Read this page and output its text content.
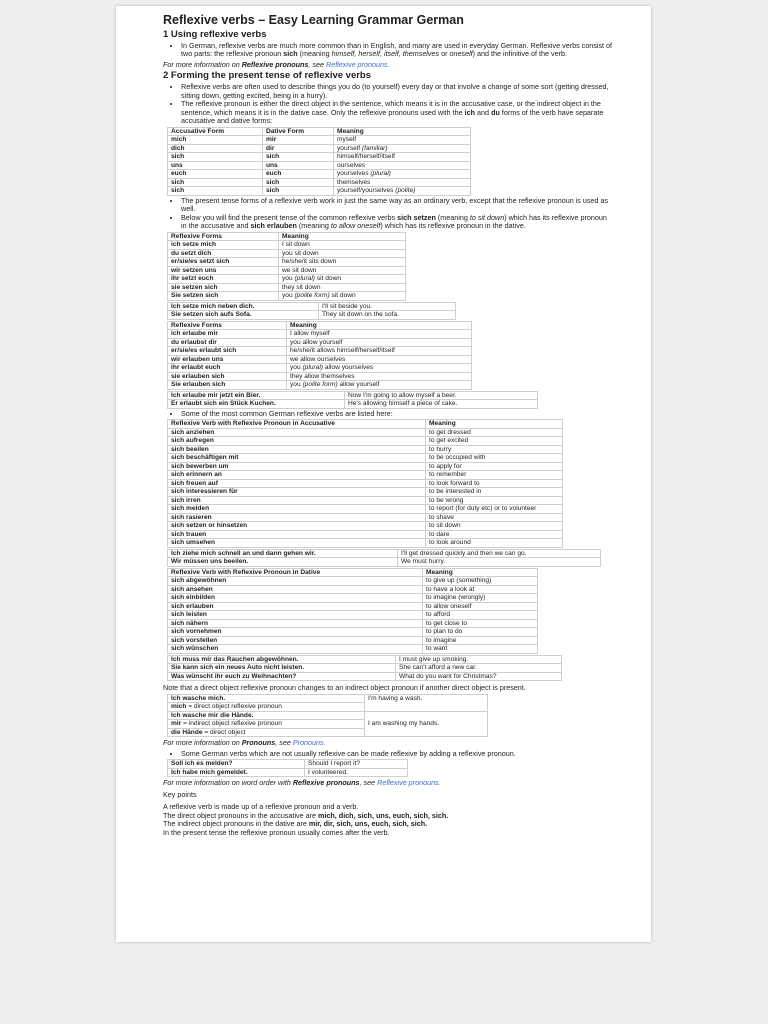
Reflexive verbs – Easy Learning Grammar German
1 Using reflexive verbs
• In German, reflexive verbs are much more common than in English, and many are used in everyday German. Reflexive verbs consist of two parts: the reflexive pronoun sich (meaning himself, herself, itself, themselves or oneself) and the infinitive of the verb.

For more information on Reflexive pronouns, see Reflexive pronouns.

2 Forming the present tense of reflexive verbs
• Reflexive verbs are often used to describe things you do (to yourself) every day or that involve a change of some sort (getting dressed, sitting down, getting excited, being in a hurry).
• The reflexive pronoun is either the direct object in the sentence, which means it is in the accusative case, or the indirect object in the sentence, which means it is in the dative case. Only the reflexive pronouns used with the ich and du forms of the verb have separate accusative and dative forms:
Accusative Form	Dative Form	Meaning
mich	mir	myself
dich	dir	yourself (familiar)
sich	sich	himself/herself/itself
uns	uns	ourselves
euch	euch	yourselves (plural)
sich	sich	themselves
sich	sich	yourself/yourselves (polite)
• The present tense forms of a reflexive verb work in just the same way as an ordinary verb, except that the reflexive pronoun is used as well.
• Below you will find the present tense of the common reflexive verbs sich setzen (meaning to sit down) which has its reflexive pronoun in the accusative and sich erlauben (meaning to allow oneself) which has its reflexive pronoun in the dative.
Reflexive Forms	Meaning
ich setze mich	I sit down
du setzt dich	you sit down
er/sie/es setzt sich	he/she/it sits down
wir setzen uns	we sit down
ihr setzt euch	you (plural) sit down
sie setzen sich	they sit down
Sie setzen sich	you (polite form) sit down
Ich setze mich neben dich.	I'll sit beside you.
Sie setzen sich aufs Sofa.	They sit down on the sofa.
Reflexive Forms	Meaning
ich erlaube mir	I allow myself
du erlaubst dir	you allow yourself
er/sie/es erlaubt sich	he/she/it allows himself/herself/itself
wir erlauben uns	we allow ourselves
ihr erlaubt euch	you (plural) allow yourselves
sie erlauben sich	they allow themselves
Sie erlauben sich	you (polite form) allow yourself
Ich erlaube mir jetzt ein Bier.	Now I'm going to allow myself a beer.
Er erlaubt sich ein Stück Kuchen.	He's allowing himself a piece of cake.
• Some of the most common German reflexive verbs are listed here:
Reflexive Verb with Reflexive Pronoun in Accusative	Meaning
sich anziehen	to get dressed
sich aufregen	to get excited
sich beeilen	to hurry
sich beschäftigen mit	to be occupied with
sich bewerben um	to apply for
sich erinnern an	to remember
sich freuen auf	to look forward to
sich interessieren für	to be interested in
sich irren	to be wrong
sich melden	to report (for duty etc) or to volunteer
sich rasieren	to shave
sich setzen or hinsetzen	to sit down
sich trauen	to dare
sich umsehen	to look around
Ich ziehe mich schnell an und dann gehen wir.	I'll get dressed quickly and then we can go.
Wir müssen uns beeilen.	We must hurry.
Reflexive Verb with Reflexive Pronoun in Dative	Meaning
sich abgewöhnen	to give up (something)
sich ansehen	to have a look at
sich einbilden	to imagine (wrongly)
sich erlauben	to allow oneself
sich leisten	to afford
sich nähern	to get close to
sich vornehmen	to plan to do
sich vorstellen	to imagine
sich wünschen	to want
Ich muss mir das Rauchen abgewöhnen.	I must give up smoking.
Sie kann sich ein neues Auto nicht leisten.	She can't afford a new car.
Was wünscht ihr euch zu Weihnachten?	What do you want for Christmas?

Note that a direct object reflexive pronoun changes to an indirect object pronoun if another direct object is present.

Ich wasche mich.	I'm having a wash.
mich = direct object reflexive pronoun	
Ich wasche mir die Hände.	I am washing my hands.
mir = indirect object reflexive pronoun	
die Hände = direct object	

For more information on Pronouns, see Pronouns.

• Some German verbs which are not usually reflexive can be made reflexive by adding a reflexive pronoun.
Soll ich es melden?	Should I report it?
Ich habe mich gemeldet.	I volunteered.

For more information on word order with Reflexive pronouns, see Reflexive pronouns.

Key points

A reflexive verb is made up of a reflexive pronoun and a verb.

The direct object pronouns in the accusative are mich, dich, sich, uns, euch, sich, sich.

The indirect object pronouns in the dative are mir, dir, sich, uns, euch, sich, sich.

In the present tense the reflexive pronoun usually comes after the verb.
